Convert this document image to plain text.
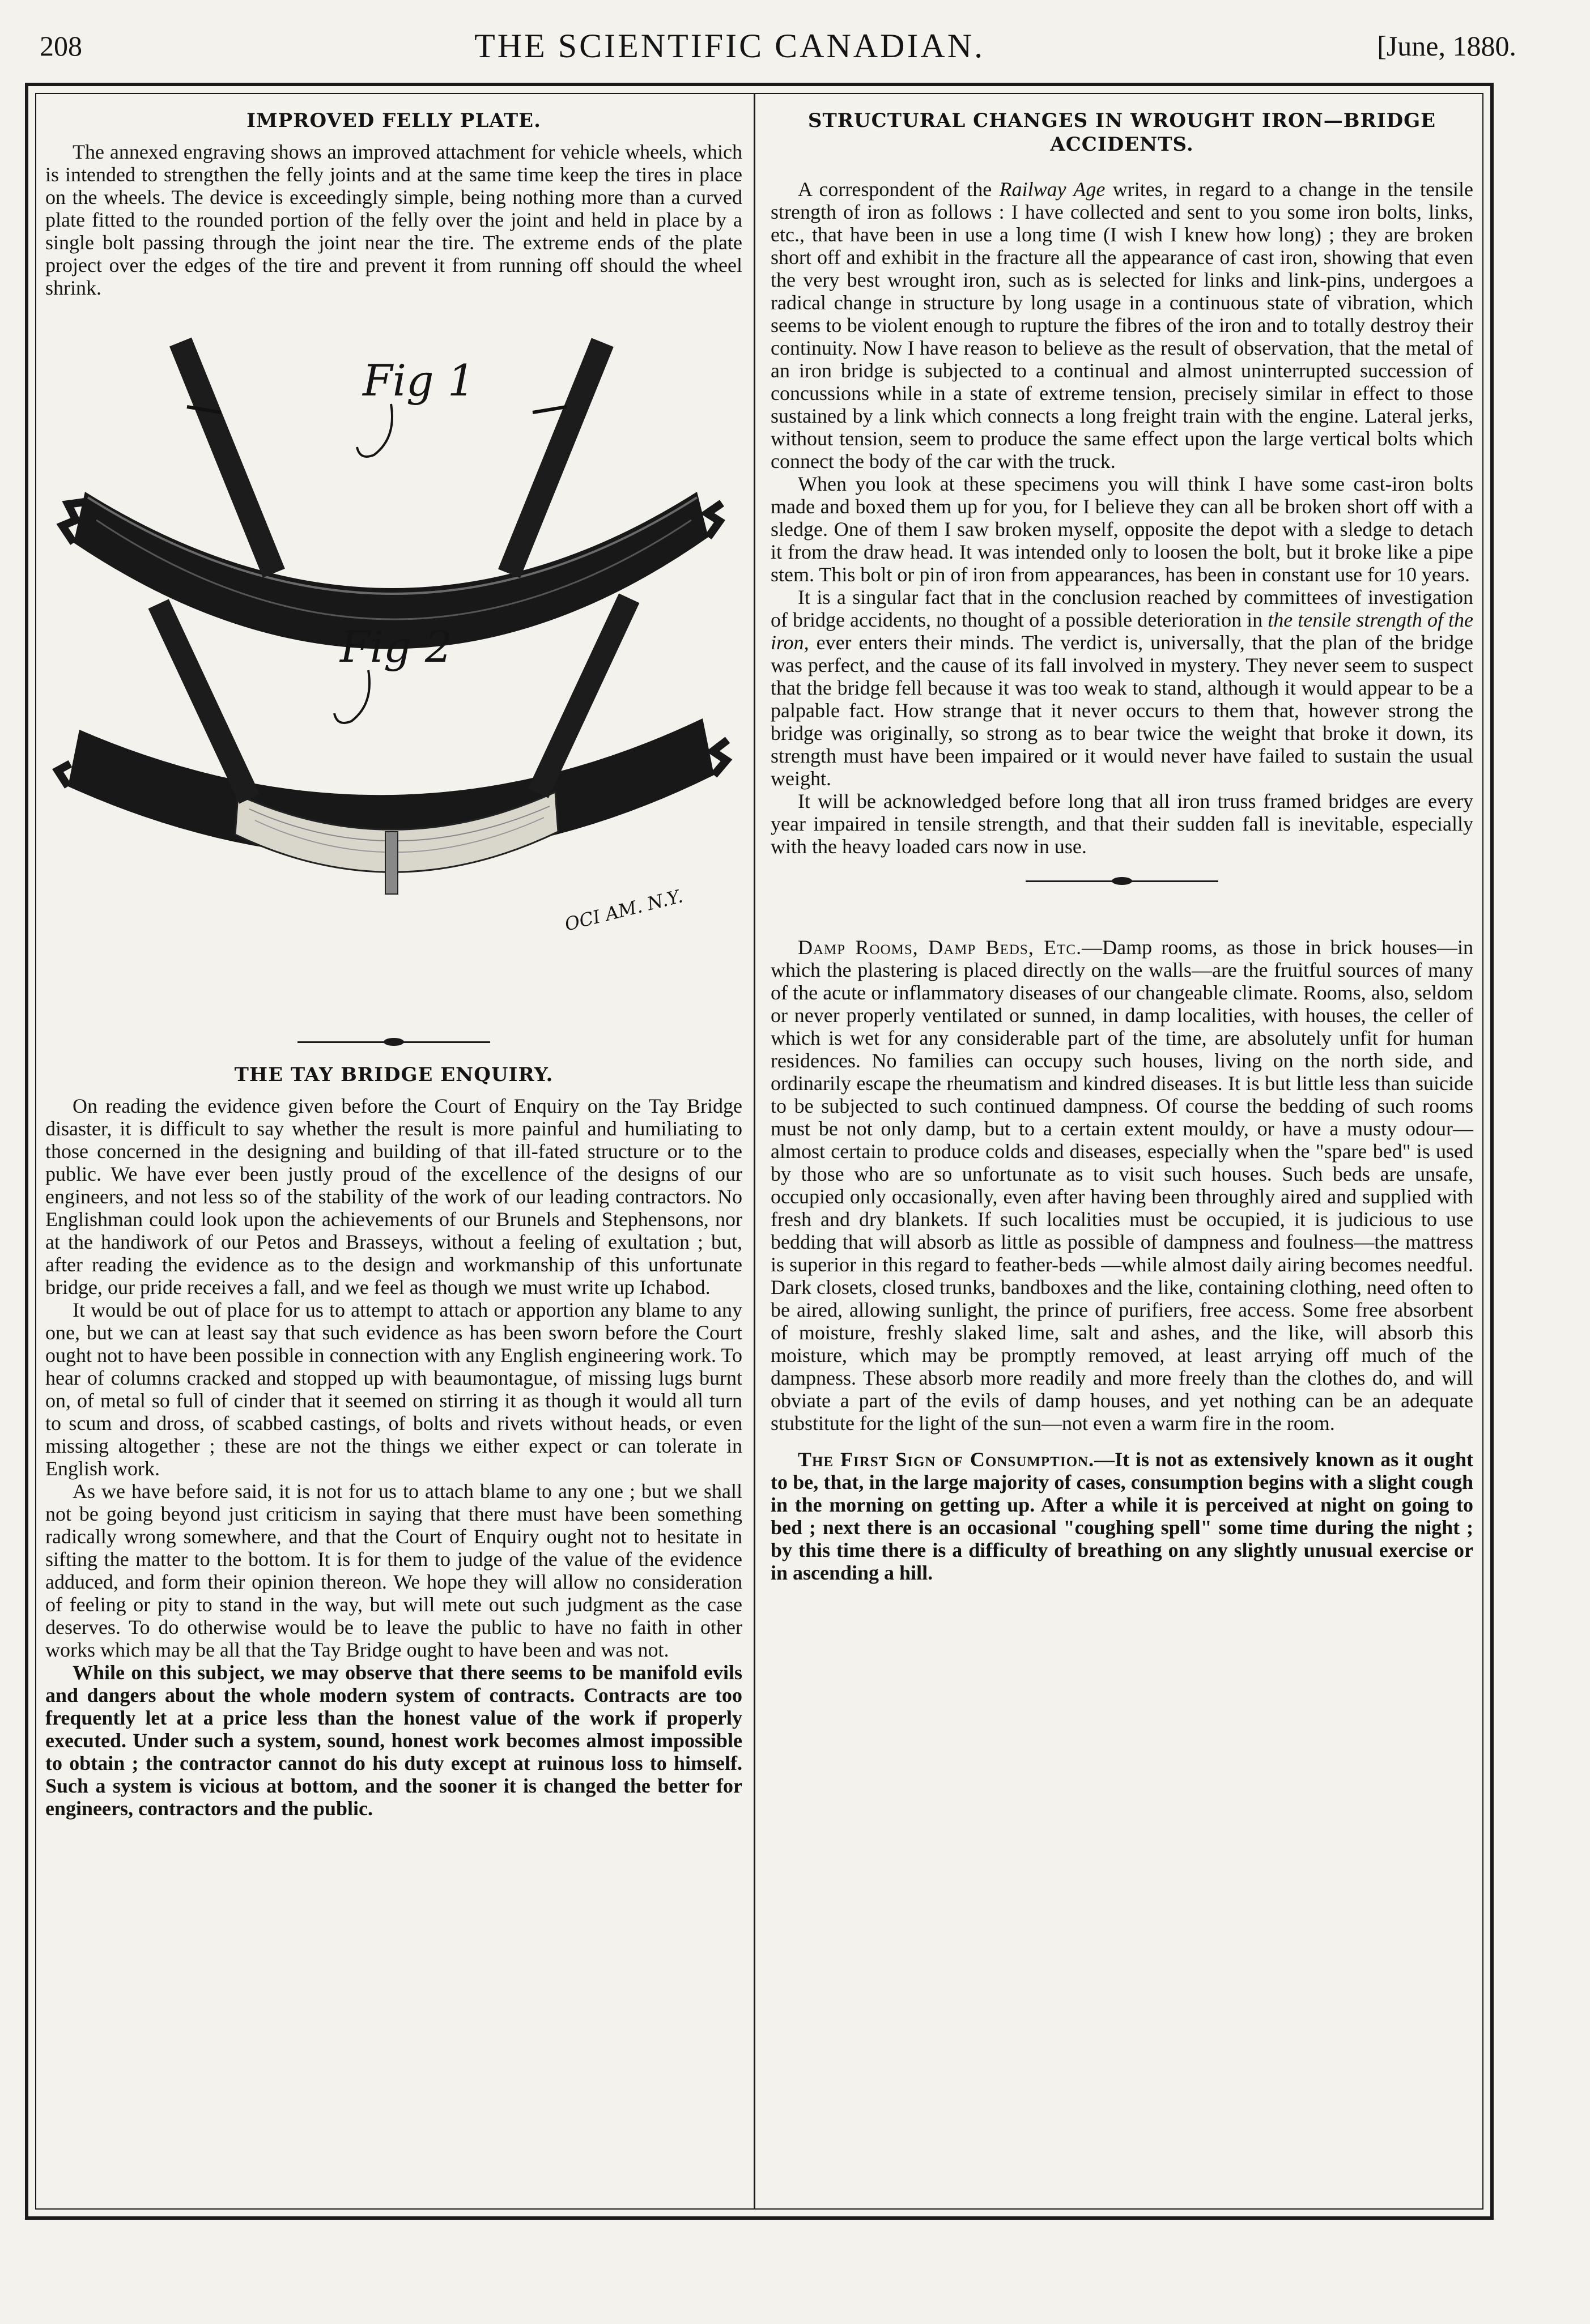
208	THE SCIENTIFIC CANADIAN.	[June, 1880.
IMPROVED FELLY PLATE.

The annexed engraving shows an improved attachment for vehicle wheels, which is intended to strengthen the felly joints and at the same time keep the tires in place on the wheels. The device is exceedingly simple, being nothing more than a curved plate fitted to the rounded portion of the felly over the joint and held in place by a single bolt passing through the joint near the tire. The extreme ends of the plate project over the edges of the tire and prevent it from running off should the wheel shrink.

Fig 1
Fig 2
OCI AM. N.Y.
THE TAY BRIDGE ENQUIRY.

On reading the evidence given before the Court of Enquiry on the Tay Bridge disaster, it is difficult to say whether the result is more painful and humiliating to those concerned in the designing and building of that ill-fated structure or to the public. We have ever been justly proud of the excellence of the designs of our engineers, and not less so of the stability of the work of our leading contractors. No Englishman could look upon the achievements of our Brunels and Stephensons, nor at the handiwork of our Petos and Brasseys, without a feeling of exultation ; but, after reading the evidence as to the design and workmanship of this unfortunate bridge, our pride receives a fall, and we feel as though we must write up Ichabod.

It would be out of place for us to attempt to attach or apportion any blame to any one, but we can at least say that such evidence as has been sworn before the Court ought not to have been possible in connection with any English engineering work. To hear of columns cracked and stopped up with beaumontague, of missing lugs burnt on, of metal so full of cinder that it seemed on stirring it as though it would all turn to scum and dross, of scabbed castings, of bolts and rivets without heads, or even missing altogether ; these are not the things we either expect or can tolerate in English work.

As we have before said, it is not for us to attach blame to any one ; but we shall not be going beyond just criticism in saying that there must have been something radically wrong somewhere, and that the Court of Enquiry ought not to hesitate in sifting the matter to the bottom. It is for them to judge of the value of the evidence adduced, and form their opinion thereon. We hope they will allow no consideration of feeling or pity to stand in the way, but will mete out such judgment as the case deserves. To do otherwise would be to leave the public to have no faith in other works which may be all that the Tay Bridge ought to have been and was not.

While on this subject, we may observe that there seems to be manifold evils and dangers about the whole modern system of contracts. Contracts are too frequently let at a price less than the honest value of the work if properly executed. Under such a system, sound, honest work becomes almost impossible to obtain ; the contractor cannot do his duty except at ruinous loss to himself. Such a system is vicious at bottom, and the sooner it is changed the better for engineers, contractors and the public.

STRUCTURAL CHANGES IN WROUGHT IRON—BRIDGE
ACCIDENTS.

A correspondent of the Railway Age writes, in regard to a change in the tensile strength of iron as follows : I have collected and sent to you some iron bolts, links, etc., that have been in use a long time (I wish I knew how long) ; they are broken short off and exhibit in the fracture all the appearance of cast iron, showing that even the very best wrought iron, such as is selected for links and link-pins, undergoes a radical change in structure by long usage in a continuous state of vibration, which seems to be violent enough to rupture the fibres of the iron and to totally destroy their continuity. Now I have reason to believe as the result of observation, that the metal of an iron bridge is subjected to a continual and almost uninterrupted succession of concussions while in a state of extreme tension, precisely similar in effect to those sustained by a link which connects a long freight train with the engine. Lateral jerks, without tension, seem to produce the same effect upon the large vertical bolts which connect the body of the car with the truck.

When you look at these specimens you will think I have some cast-iron bolts made and boxed them up for you, for I believe they can all be broken short off with a sledge. One of them I saw broken myself, opposite the depot with a sledge to detach it from the draw head. It was intended only to loosen the bolt, but it broke like a pipe stem. This bolt or pin of iron from appearances, has been in constant use for 10 years.

It is a singular fact that in the conclusion reached by committees of investigation of bridge accidents, no thought of a possible deterioration in the tensile strength of the iron, ever enters their minds. The verdict is, universally, that the plan of the bridge was perfect, and the cause of its fall involved in mystery. They never seem to suspect that the bridge fell because it was too weak to stand, although it would appear to be a palpable fact. How strange that it never occurs to them that, however strong the bridge was originally, so strong as to bear twice the weight that broke it down, its strength must have been impaired or it would never have failed to sustain the usual weight.

It will be acknowledged before long that all iron truss framed bridges are every year impaired in tensile strength, and that their sudden fall is inevitable, especially with the heavy loaded cars now in use.

Damp Rooms, Damp Beds, Etc.—Damp rooms, as those in brick houses—in which the plastering is placed directly on the walls—are the fruitful sources of many of the acute or inflammatory diseases of our changeable climate. Rooms, also, seldom or never properly ventilated or sunned, in damp localities, with houses, the celler of which is wet for any considerable part of the time, are absolutely unfit for human residences. No families can occupy such houses, living on the north side, and ordinarily escape the rheumatism and kindred diseases. It is but little less than suicide to be subjected to such continued dampness. Of course the bedding of such rooms must be not only damp, but to a certain extent mouldy, or have a musty odour—almost certain to produce colds and diseases, especially when the "spare bed" is used by those who are so unfortunate as to visit such houses. Such beds are unsafe, occupied only occasionally, even after having been throughly aired and supplied with fresh and dry blankets. If such localities must be occupied, it is judicious to use bedding that will absorb as little as possible of dampness and foulness—the mattress is superior in this regard to feather-beds —while almost daily airing becomes needful. Dark closets, closed trunks, bandboxes and the like, containing clothing, need often to be aired, allowing sunlight, the prince of purifiers, free access. Some free absorbent of moisture, freshly slaked lime, salt and ashes, and the like, will absorb this moisture, which may be promptly removed, at least arrying off much of the dampness. These absorb more readily and more freely than the clothes do, and will obviate a part of the evils of damp houses, and yet nothing can be an adequate stubstitute for the light of the sun—not even a warm fire in the room.

The First Sign of Consumption.—It is not as extensively known as it ought to be, that, in the large majority of cases, consumption begins with a slight cough in the morning on getting up. After a while it is perceived at night on going to bed ; next there is an occasional "coughing spell" some time during the night ; by this time there is a difficulty of breathing on any slightly unusual exercise or in ascending a hill.
